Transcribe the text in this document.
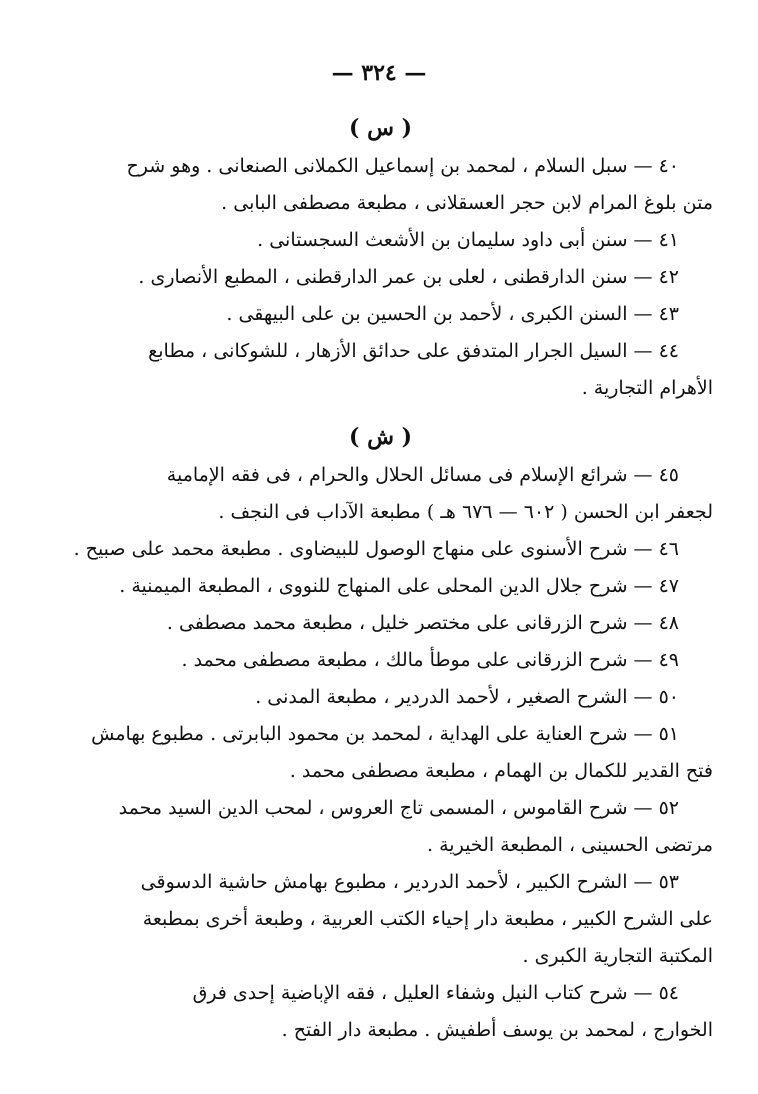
— ٣٢٤ —
( س )
٤٠ — سبل السلام ، لمحمد بن إسماعيل الكملانى الصنعانى . وهو شرح
متن بلوغ المرام لابن حجر العسقلانى ، مطبعة مصطفى البابى .
٤١ — سنن أبى داود سليمان بن الأشعث السجستانى .
٤٢ — سنن الدارقطنى ، لعلى بن عمر الدارقطنى ، المطبع الأنصارى .
٤٣ — السنن الكبرى ، لأحمد بن الحسين بن على البيهقى .
٤٤ — السيل الجرار المتدفق على حدائق الأزهار ، للشوكانى ، مطابع
الأهرام التجارية .
( ش )
٤٥ — شرائع الإسلام فى مسائل الحلال والحرام ، فى فقه الإمامية
لجعفر ابن الحسن ( ٦٠٢ — ٦٧٦ هـ ) مطبعة الآداب فى النجف .
٤٦ — شرح الأسنوى على منهاج الوصول للبيضاوى . مطبعة محمد على صبيح .
٤٧ — شرح جلال الدين المحلى على المنهاج للنووى ، المطبعة الميمنية .
٤٨ — شرح الزرقانى على مختصر خليل ، مطبعة محمد مصطفى .
٤٩ — شرح الزرقانى على موطأ مالك ، مطبعة مصطفى محمد .
٥٠ — الشرح الصغير ، لأحمد الدردير ، مطبعة المدنى .
٥١ — شرح العناية على الهداية ، لمحمد بن محمود البابرتى . مطبوع بهامش
فتح القدير للكمال بن الهمام ، مطبعة مصطفى محمد .
٥٢ — شرح القاموس ، المسمى تاج العروس ، لمحب الدين السيد محمد
مرتضى الحسينى ، المطبعة الخيرية .
٥٣ — الشرح الكبير ، لأحمد الدردير ، مطبوع بهامش حاشية الدسوقى
على الشرح الكبير ، مطبعة دار إحياء الكتب العربية ، وطبعة أخرى بمطبعة
المكتبة التجارية الكبرى .
٥٤ — شرح كتاب النيل وشفاء العليل ، فقه الإباضية إحدى فرق
الخوارج ، لمحمد بن يوسف أطفيش . مطبعة دار الفتح .
